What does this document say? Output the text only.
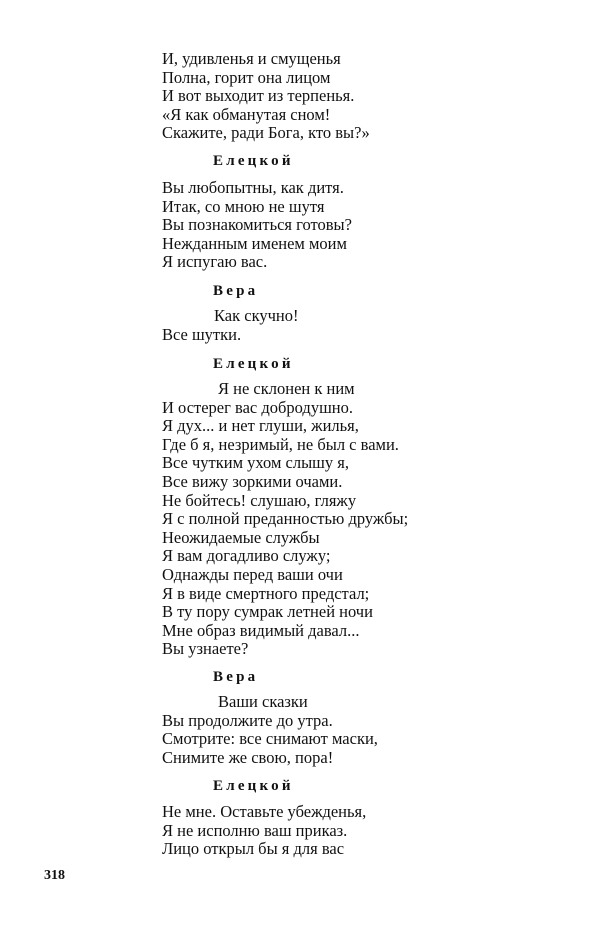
И, удивленья и смущенья
Полна, горит она лицом
И вот выходит из терпенья.
«Я как обманутая сном!
Скажите, ради Бога, кто вы?»
Елецкой
Вы любопытны, как дитя.
Итак, со мною не шутя
Вы познакомиться готовы?
Нежданным именем моим
Я испугаю вас.
Вера
Как скучно!
Все шутки.
Елецкой
Я не склонен к ним
И остерег вас добродушно.
Я дух... и нет глуши, жилья,
Где б я, незримый, не был с вами.
Все чутким ухом слышу я,
Все вижу зоркими очами.
Не бойтесь! слушаю, гляжу
Я с полной преданностью дружбы;
Неожидаемые службы
Я вам догадливо служу;
Однажды перед ваши очи
Я в виде смертного предстал;
В ту пору сумрак летней ночи
Мне образ видимый давал...
Вы узнаете?
Вера
Ваши сказки
Вы продолжите до утра.
Смотрите: все снимают маски,
Снимите же свою, пора!
Елецкой
Не мне. Оставьте убежденья,
Я не исполню ваш приказ.
Лицо открыл бы я для вас
318
